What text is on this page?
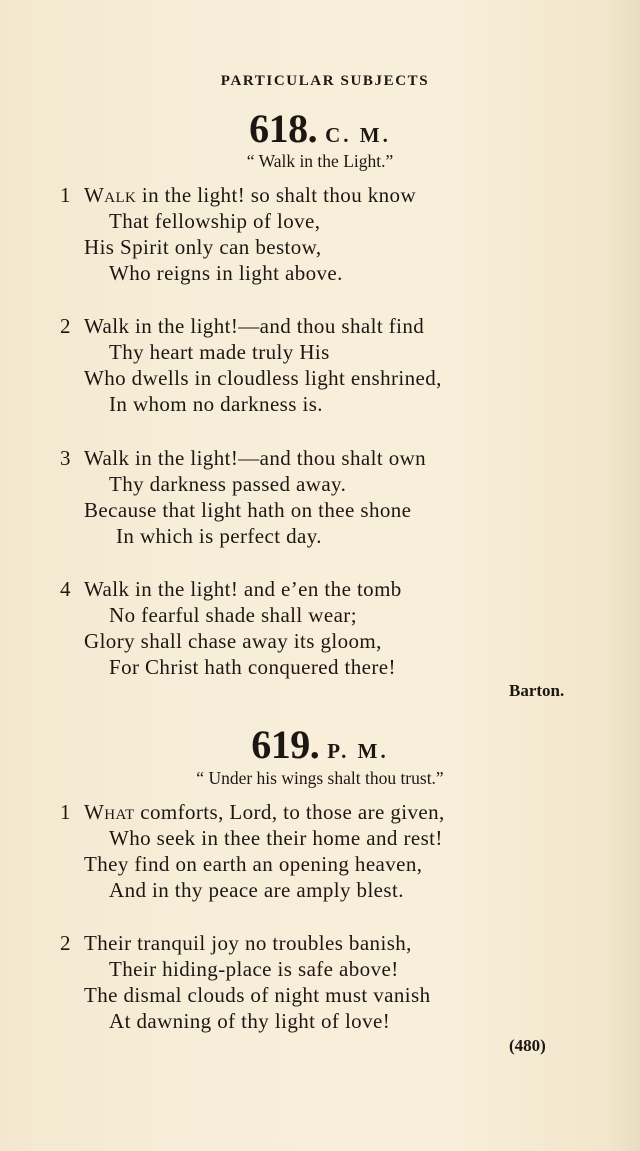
PARTICULAR SUBJECTS
618. C. M.
“ Walk in the Light.”
1 Walk in the light! so shalt thou know
That fellowship of love,
His Spirit only can bestow,
Who reigns in light above.
2 Walk in the light!—and thou shalt find
Thy heart made truly His
Who dwells in cloudless light enshrined,
In whom no darkness is.
3 Walk in the light!—and thou shalt own
Thy darkness passed away.
Because that light hath on thee shone
In which is perfect day.
4 Walk in the light! and e’en the tomb
No fearful shade shall wear;
Glory shall chase away its gloom,
For Christ hath conquered there!
Barton.
619. P. M.
“ Under his wings shalt thou trust.”
1 What comforts, Lord, to those are given,
Who seek in thee their home and rest!
They find on earth an opening heaven,
And in thy peace are amply blest.
2 Their tranquil joy no troubles banish,
Their hiding-place is safe above!
The dismal clouds of night must vanish
At dawning of thy light of love!
(480)
